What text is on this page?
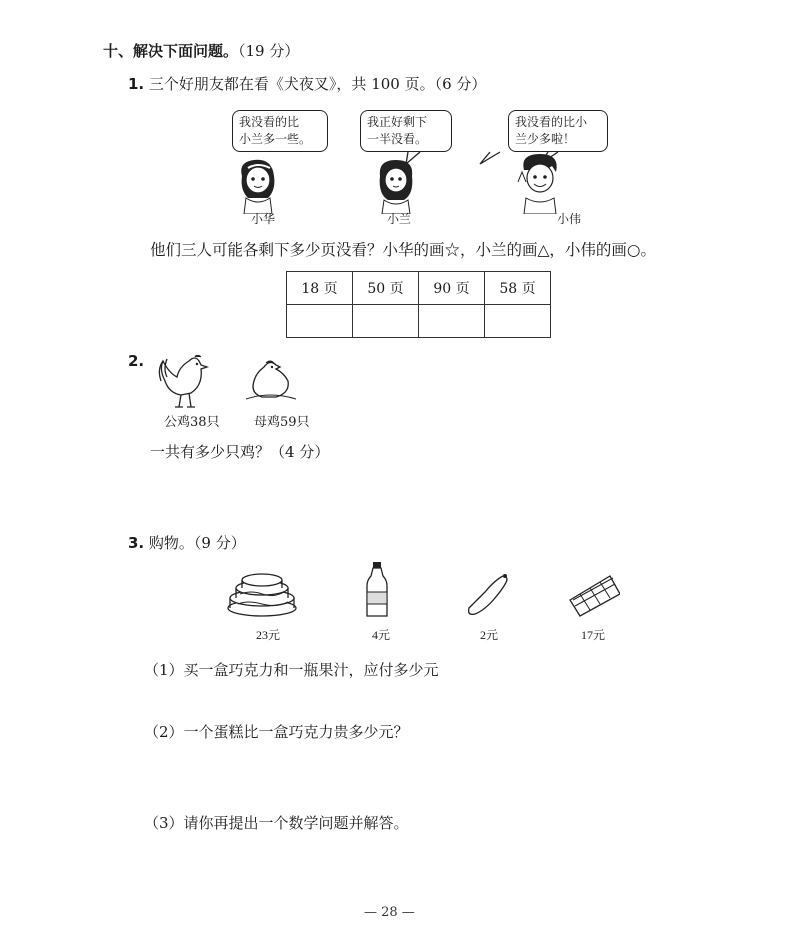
十、解决下面问题。（19 分）
1. 三个好朋友都在看《犬夜叉》，共 100 页。（6 分）
我没看的比
小兰多一些。
我正好剩下
一半没看。
我没看的比小
兰少多啦！
小华	小兰	小伟
他们三人可能各剩下多少页没看？小华的画☆，小兰的画△，小伟的画○。
18 页	50 页	90 页	58 页

2.
公鸡38只	母鸡59只
一共有多少只鸡？（4 分）
3. 购物。（9 分）
23元	4元	2元	17元
（1）买一盒巧克力和一瓶果汁，应付多少元
（2）一个蛋糕比一盒巧克力贵多少元？
（3）请你再提出一个数学问题并解答。
— 28 —
